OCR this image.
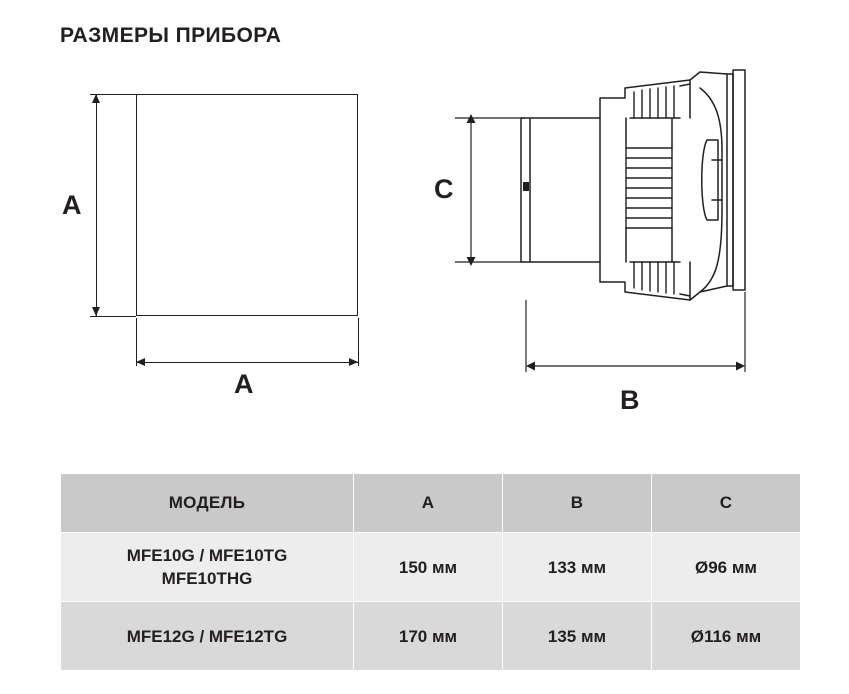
РАЗМЕРЫ ПРИБОРА
A
A
C
B
МОДЕЛЬ	A	B	C

MFE10G / MFE10TG
MFE10THG	150 мм	133 мм	Ø96 мм
MFE12G / MFE12TG	170 мм	135 мм	Ø116 мм
